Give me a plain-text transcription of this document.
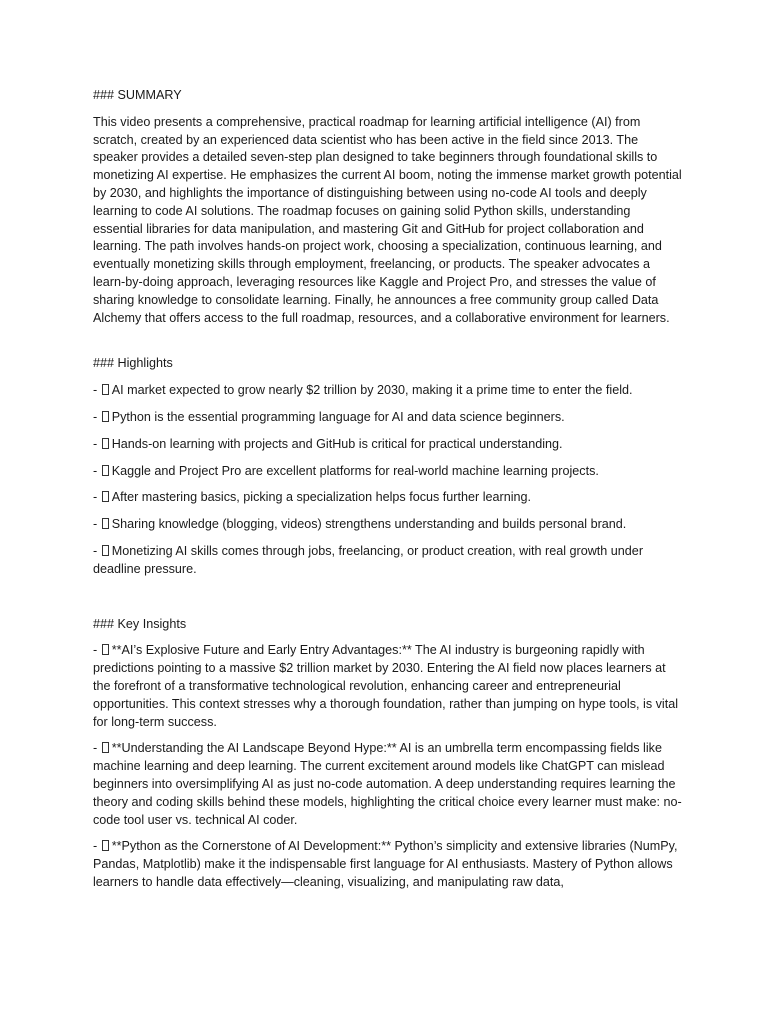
### SUMMARY

This video presents a comprehensive, practical roadmap for learning artificial intelligence (AI) from scratch, created by an experienced data scientist who has been active in the field since 2013. The speaker provides a detailed seven-step plan designed to take beginners through foundational skills to monetizing AI expertise. He emphasizes the current AI boom, noting the immense market growth potential by 2030, and highlights the importance of distinguishing between using no-code AI tools and deeply learning to code AI solutions. The roadmap focuses on gaining solid Python skills, understanding essential libraries for data manipulation, and mastering Git and GitHub for project collaboration and learning. The path involves hands-on project work, choosing a specialization, continuous learning, and eventually monetizing skills through employment, freelancing, or products. The speaker advocates a learn-by-doing approach, leveraging resources like Kaggle and Project Pro, and stresses the value of sharing knowledge to consolidate learning. Finally, he announces a free community group called Data Alchemy that offers access to the full roadmap, resources, and a collaborative environment for learners.

### Highlights

- AI market expected to grow nearly $2 trillion by 2030, making it a prime time to enter the field.

- Python is the essential programming language for AI and data science beginners.

- Hands-on learning with projects and GitHub is critical for practical understanding.

- Kaggle and Project Pro are excellent platforms for real-world machine learning projects.

- After mastering basics, picking a specialization helps focus further learning.

- Sharing knowledge (blogging, videos) strengthens understanding and builds personal brand.

- Monetizing AI skills comes through jobs, freelancing, or product creation, with real growth under deadline pressure.

### Key Insights

- **AI’s Explosive Future and Early Entry Advantages:** The AI industry is burgeoning rapidly with predictions pointing to a massive $2 trillion market by 2030. Entering the AI field now places learners at the forefront of a transformative technological revolution, enhancing career and entrepreneurial opportunities. This context stresses why a thorough foundation, rather than jumping on hype tools, is vital for long-term success.

- **Understanding the AI Landscape Beyond Hype:** AI is an umbrella term encompassing fields like machine learning and deep learning. The current excitement around models like ChatGPT can mislead beginners into oversimplifying AI as just no-code automation. A deep understanding requires learning the theory and coding skills behind these models, highlighting the critical choice every learner must make: no-code tool user vs. technical AI coder.

- **Python as the Cornerstone of AI Development:** Python’s simplicity and extensive libraries (NumPy, Pandas, Matplotlib) make it the indispensable first language for AI enthusiasts. Mastery of Python allows learners to handle data effectively—cleaning, visualizing, and manipulating raw data,
